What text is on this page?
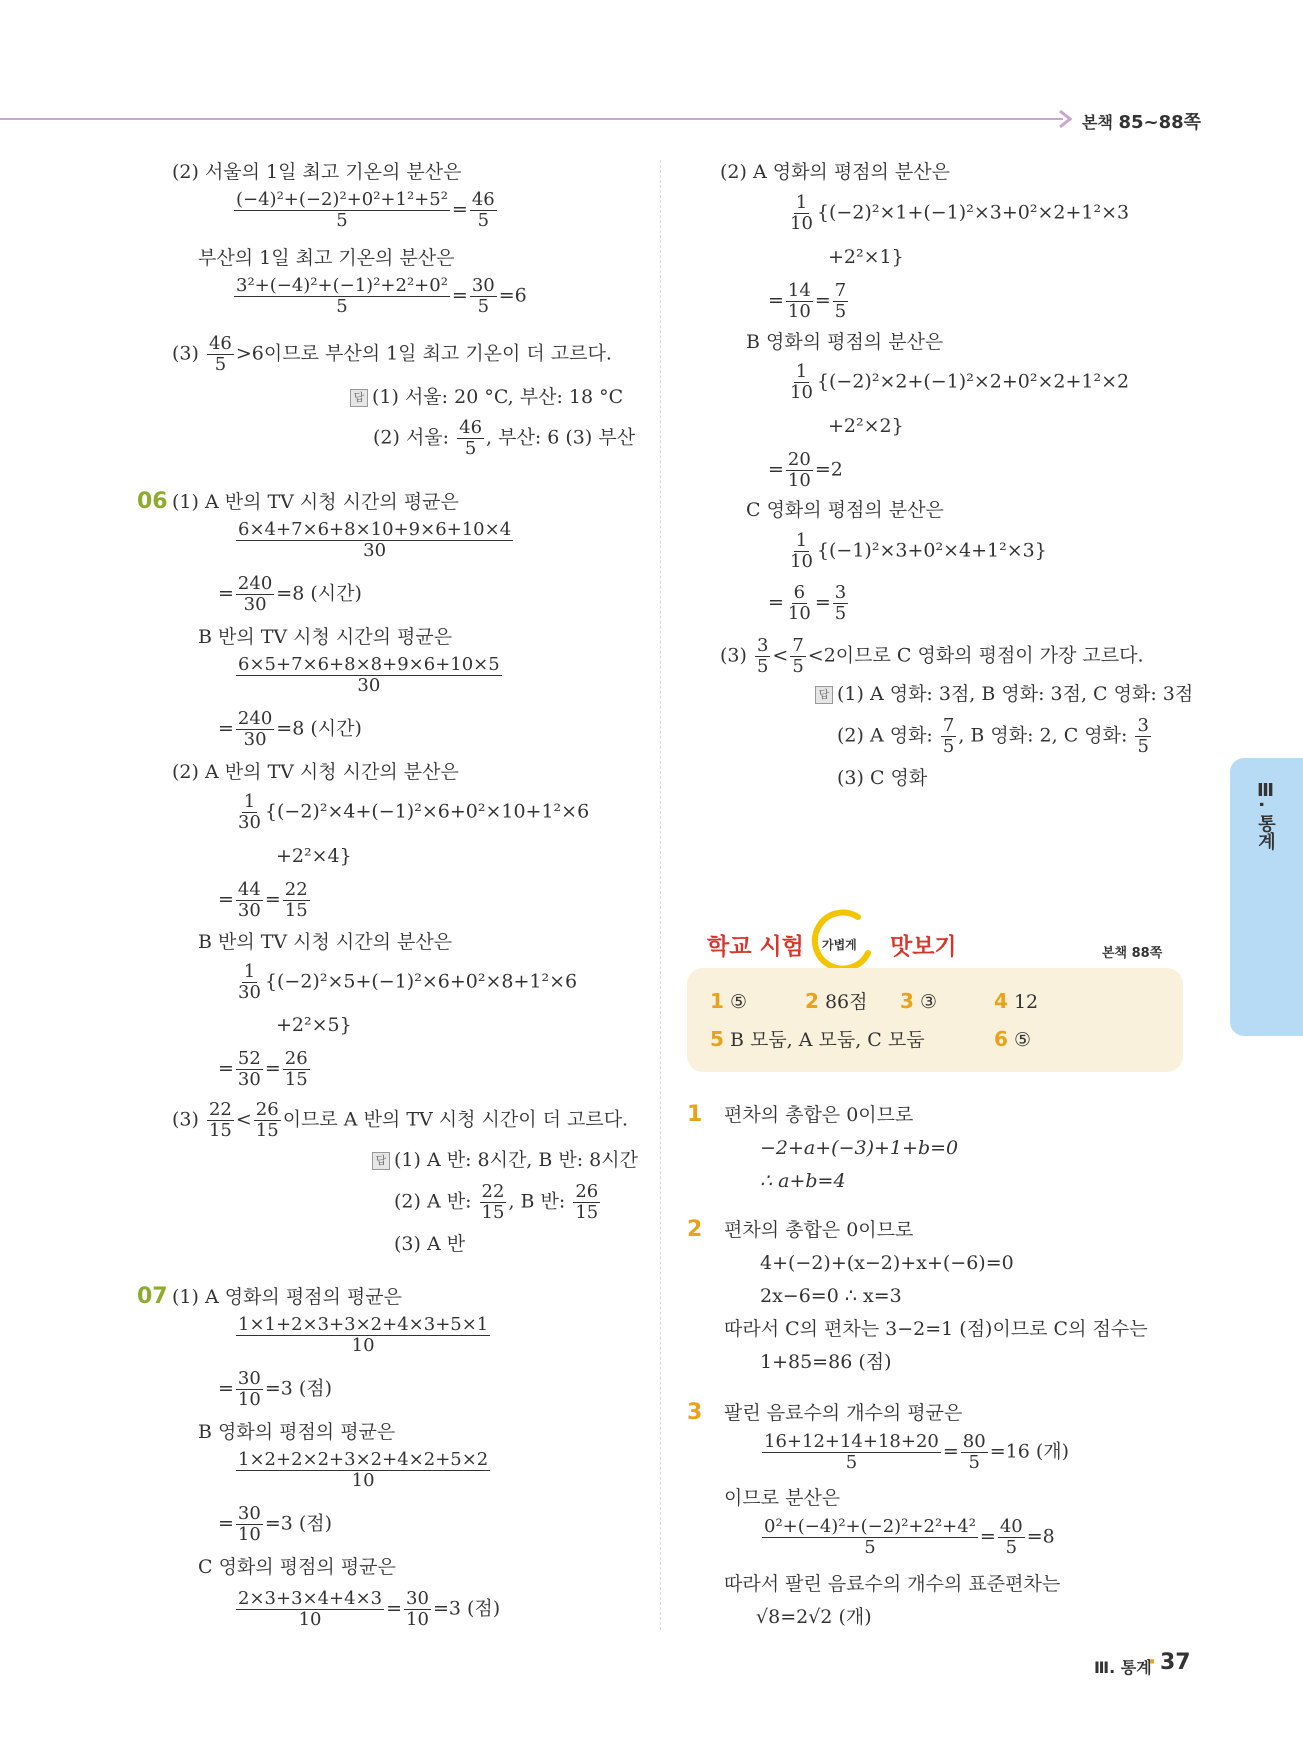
본책 85~88쪽
(2) 서울의 1일 최고 기온의 분산은
$\frac{\text{(−4)²+(−2)²+0²+1²+5²}}{5} = \frac{46}{5}$
부산의 1일 최고 기온의 분산은
$\frac{\text{3²+(−4)²+(−1)²+2²+0²}}{5} = \frac{30}{5} =6$
$(3) \frac{46}{5} >6$이므로 부산의 1일 최고 기온이 더 고르다.
답 (1) 서울: 20 °C, 부산: 18 °C
(2) 서울: $\frac{46}{5}$ , 부산: 6 (3) 부산
06 (1) A 반의 TV 시청 시간의 평균은
$\frac{6\times 4+7\times 6+8\times 10+9\times 6+10\times 4}{30}$
= $\frac{240}{30} =8$ (시간)
B 반의 TV 시청 시간의 평균은
$\frac{6\times 5+7\times 6+8\times 8+9\times 6+10\times 5}{30}$
= $\frac{240}{30} =8$ (시간)
(2) A 반의 TV 시청 시간의 분산은
$\frac{1}{30} \{(-2)^2\times 4+(-1)^2\times 6+0^2\times 10+1^2\times 6$
+2²×4}
= $\frac{44}{30} = \frac{22}{15}$
B 반의 TV 시청 시간의 분산은
$\frac{1}{30} \{(-2)^2\times 5+(-1)^2\times 6+0^2\times 8+1^2\times 6$
+2²×5}
= $\frac{52}{30} = \frac{26}{15}$
$(3) \frac{22}{15} < \frac{26}{15}$ 이므로 A 반의 TV 시청 시간이 더 고르다.
답 (1) A 반: 8시간, B 반: 8시간
(2) A 반: $\frac{22}{15}$ , B 반: $\frac{26}{15}$
(3) A 반
07 (1) A 영화의 평점의 평균은
$\frac{1\times 1+2\times 3+3\times 2+4\times 3+5\times 1}{10}$
= $\frac{30}{10} =3$ (점)
B 영화의 평점의 평균은
$\frac{1\times 2+2\times 2+3\times 2+4\times 2+5\times 2}{10}$
= $\frac{30}{10} =3$ (점)
C 영화의 평점의 평균은
$\frac{2\times 3+3\times 4+4\times 3}{10} = \frac{30}{10} =3$ (점)
(2) A 영화의 평점의 분산은
$\frac{1}{10} \{(-2)^2\times 1+(-1)^2\times 3+0^2\times 2+1^2\times 3$
+2²×1}
= $\frac{14}{10} = \frac{7}{5}$
B 영화의 평점의 분산은
$\frac{1}{10} \{(-2)^2\times 2+(-1)^2\times 2+0^2\times 2+1^2\times 2$
+2²×2}
= $\frac{20}{10} =2$
C 영화의 평점의 분산은
$\frac{1}{10} \{(-1)^2\times 3+0^2\times 4+1^2\times 3\}$
= $\frac{6}{10} = \frac{3}{5}$
$(3) \frac{3}{5} < \frac{7}{5} <2$이므로 C 영화의 평점이 가장 고르다.
답 (1) A 영화: 3점, B 영화: 3점, C 영화: 3점
(2) A 영화: $\frac{7}{5}$ , B 영화: 2, C 영화: $\frac{3}{5}$
(3) C 영화
학교 시험 가볍게 맛보기	본책 88쪽
1 ⑤	2 86점 3 ③	4 12
5 B 모둠, A 모둠, C 모둠	6 ⑤
1 편차의 총합은 0이므로
−2+a+(−3)+1+b=0
∴ a+b=4
2 편차의 총합은 0이므로
4+(−2)+(x−2)+x+(−6)=0
2x−6=0 ∴ x=3
따라서 C의 편차는 3−2=1 (점)이므로 C의 점수는
1+85=86 (점)
3 팔린 음료수의 개수의 평균은
$\frac{16+12+14+18+20}{5} = \frac{80}{5} =16$ (개)
이므로 분산은
$\frac{\text{0²+(−4)²+(−2)²+2²+4²}}{5} = \frac{40}{5} =8$
따라서 팔린 음료수의 개수의 표준편차는
√8=2√2 (개)
Ⅲ. 통계
Ⅲ. 통계
· 37
